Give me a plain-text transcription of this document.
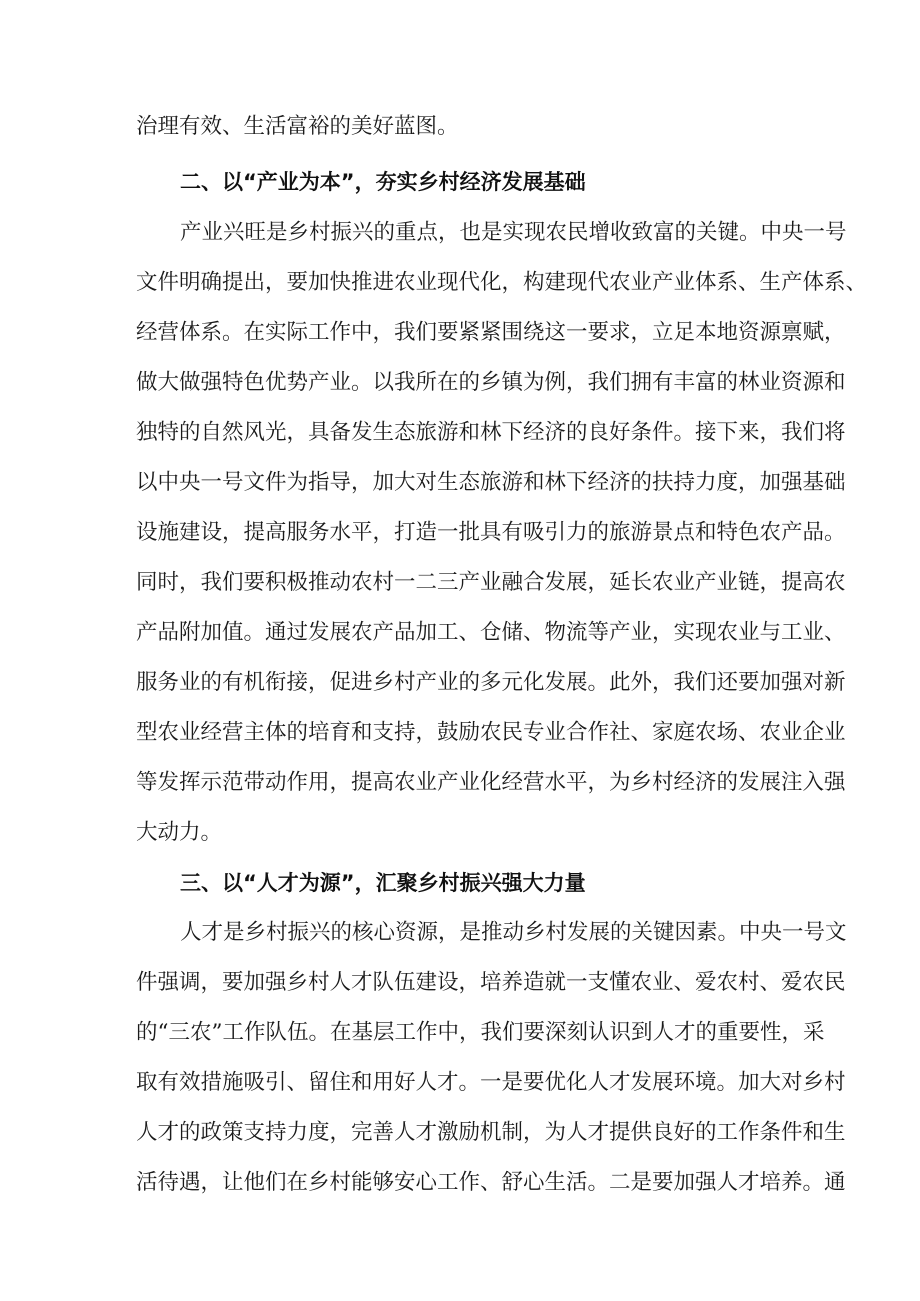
治理有效、生活富裕的美好蓝图。
二、以“产业为本”，夯实乡村经济发展基础
产业兴旺是乡村振兴的重点，也是实现农民增收致富的关键。中央一号
文件明确提出，要加快推进农业现代化，构建现代农业产业体系、生产体系、
经营体系。在实际工作中，我们要紧紧围绕这一要求，立足本地资源禀赋，
做大做强特色优势产业。以我所在的乡镇为例，我们拥有丰富的林业资源和
独特的自然风光，具备发生态旅游和林下经济的良好条件。接下来，我们将
以中央一号文件为指导，加大对生态旅游和林下经济的扶持力度，加强基础
设施建设，提高服务水平，打造一批具有吸引力的旅游景点和特色农产品。
同时，我们要积极推动农村一二三产业融合发展，延长农业产业链，提高农
产品附加值。通过发展农产品加工、仓储、物流等产业，实现农业与工业、
服务业的有机衔接，促进乡村产业的多元化发展。此外，我们还要加强对新
型农业经营主体的培育和支持，鼓励农民专业合作社、家庭农场、农业企业
等发挥示范带动作用，提高农业产业化经营水平，为乡村经济的发展注入强
大动力。
三、以“人才为源”，汇聚乡村振兴强大力量
人才是乡村振兴的核心资源，是推动乡村发展的关键因素。中央一号文
件强调，要加强乡村人才队伍建设，培养造就一支懂农业、爱农村、爱农民
的“三农”工作队伍。在基层工作中，我们要深刻认识到人才的重要性，采
取有效措施吸引、留住和用好人才。一是要优化人才发展环境。加大对乡村
人才的政策支持力度，完善人才激励机制，为人才提供良好的工作条件和生
活待遇，让他们在乡村能够安心工作、舒心生活。二是要加强人才培养。通
